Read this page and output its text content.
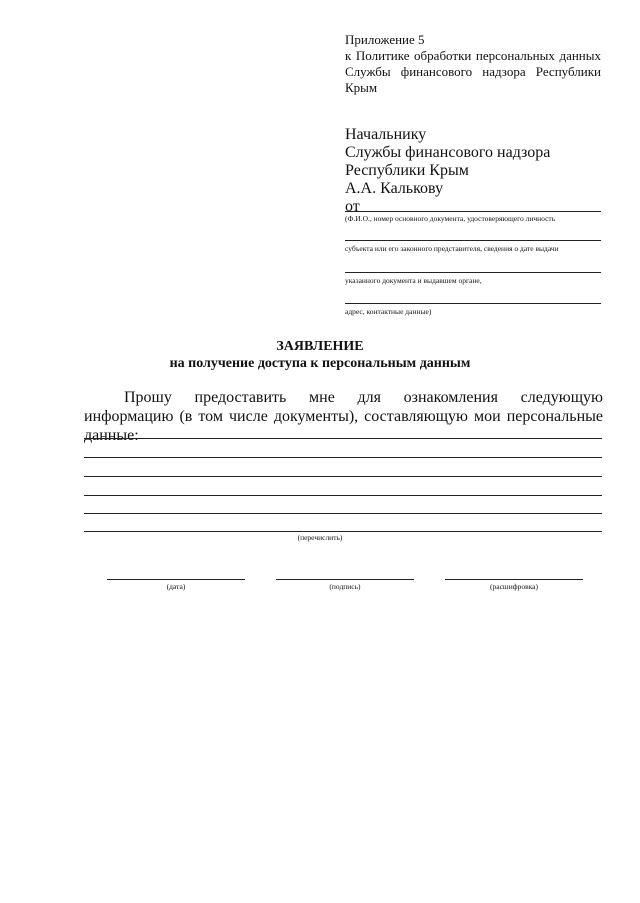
Приложение 5
к Политике обработки персональных данных
Службы финансового надзора Республики
Крым
Начальнику
Службы финансового надзора
Республики Крым
А.А. Калькову
от
(Ф.И.О., номер основного документа, удостоверяющего личность
субъекта или его законного представителя, сведения о дате выдачи
указанного документа и выдавшем органе,
адрес, контактные данные)
ЗАЯВЛЕНИЕ
на получение доступа к персональным данным
Прошу предоставить мне для ознакомления следующую информацию (в том числе документы), составляющую мои персональные данные:
(перечислить)
(дата)	(подпись)	(расшифровка)
